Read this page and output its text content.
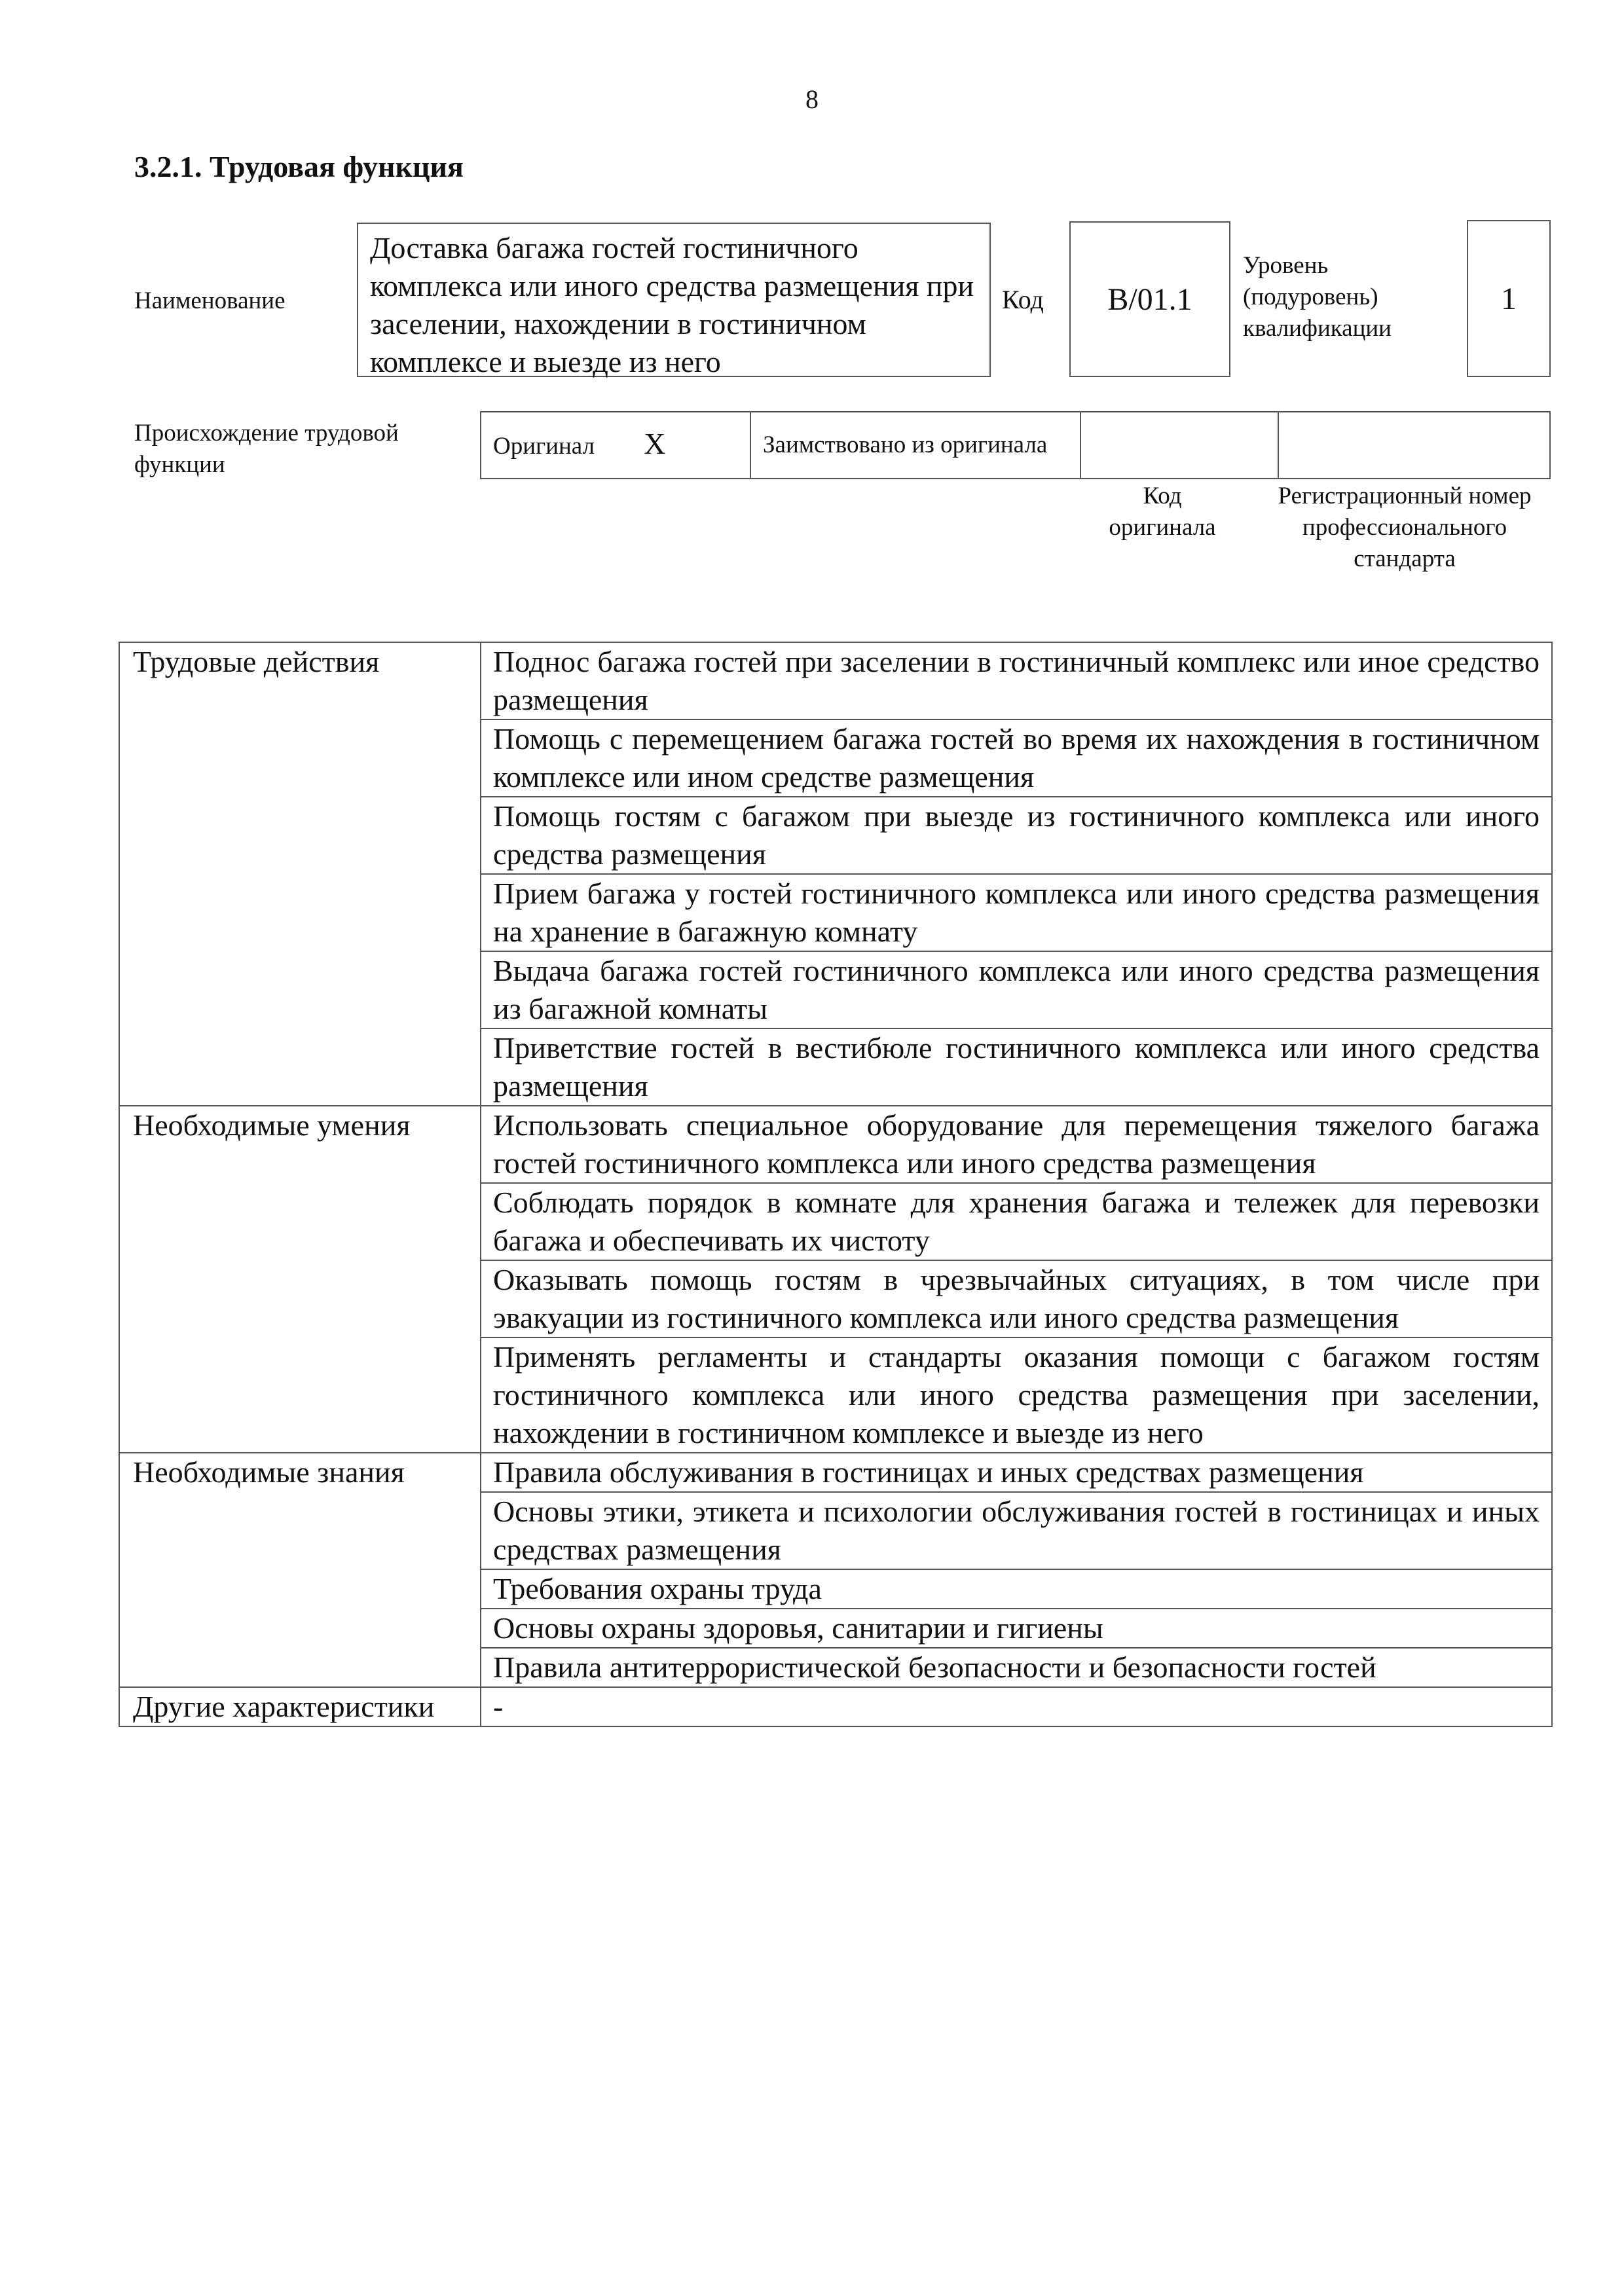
8
3.2.1. Трудовая функция
Наименование
Доставка багажа гостей гостиничного комплекса или иного средства размещения при заселении, нахождении в гостиничном комплексе и выезде из него
Код	B/01.1
Уровень (подуровень) квалификации
1
Происхождение трудовой функции
Оригинал X	Заимствовано из оригинала		
Код оригинала
Регистрационный номер профессионального стандарта
Трудовые действия	Поднос багажа гостей при заселении в гостиничный комплекс или иное средство размещения
	Помощь с перемещением багажа гостей во время их нахождения в гостиничном комплексе или ином средстве размещения
	Помощь гостям с багажом при выезде из гостиничного комплекса или иного средства размещения
	Прием багажа у гостей гостиничного комплекса или иного средства размещения на хранение в багажную комнату
	Выдача багажа гостей гостиничного комплекса или иного средства размещения из багажной комнаты
	Приветствие гостей в вестибюле гостиничного комплекса или иного средства размещения
Необходимые умения	Использовать специальное оборудование для перемещения тяжелого багажа гостей гостиничного комплекса или иного средства размещения
	Соблюдать порядок в комнате для хранения багажа и тележек для перевозки багажа и обеспечивать их чистоту
	Оказывать помощь гостям в чрезвычайных ситуациях, в том числе при эвакуации из гостиничного комплекса или иного средства размещения
	Применять регламенты и стандарты оказания помощи с багажом гостям гостиничного комплекса или иного средства размещения при заселении, нахождении в гостиничном комплексе и выезде из него
Необходимые знания	Правила обслуживания в гостиницах и иных средствах размещения
	Основы этики, этикета и психологии обслуживания гостей в гостиницах и иных средствах размещения
	Требования охраны труда
	Основы охраны здоровья, санитарии и гигиены
	Правила антитеррористической безопасности и безопасности гостей
Другие характеристики	-
